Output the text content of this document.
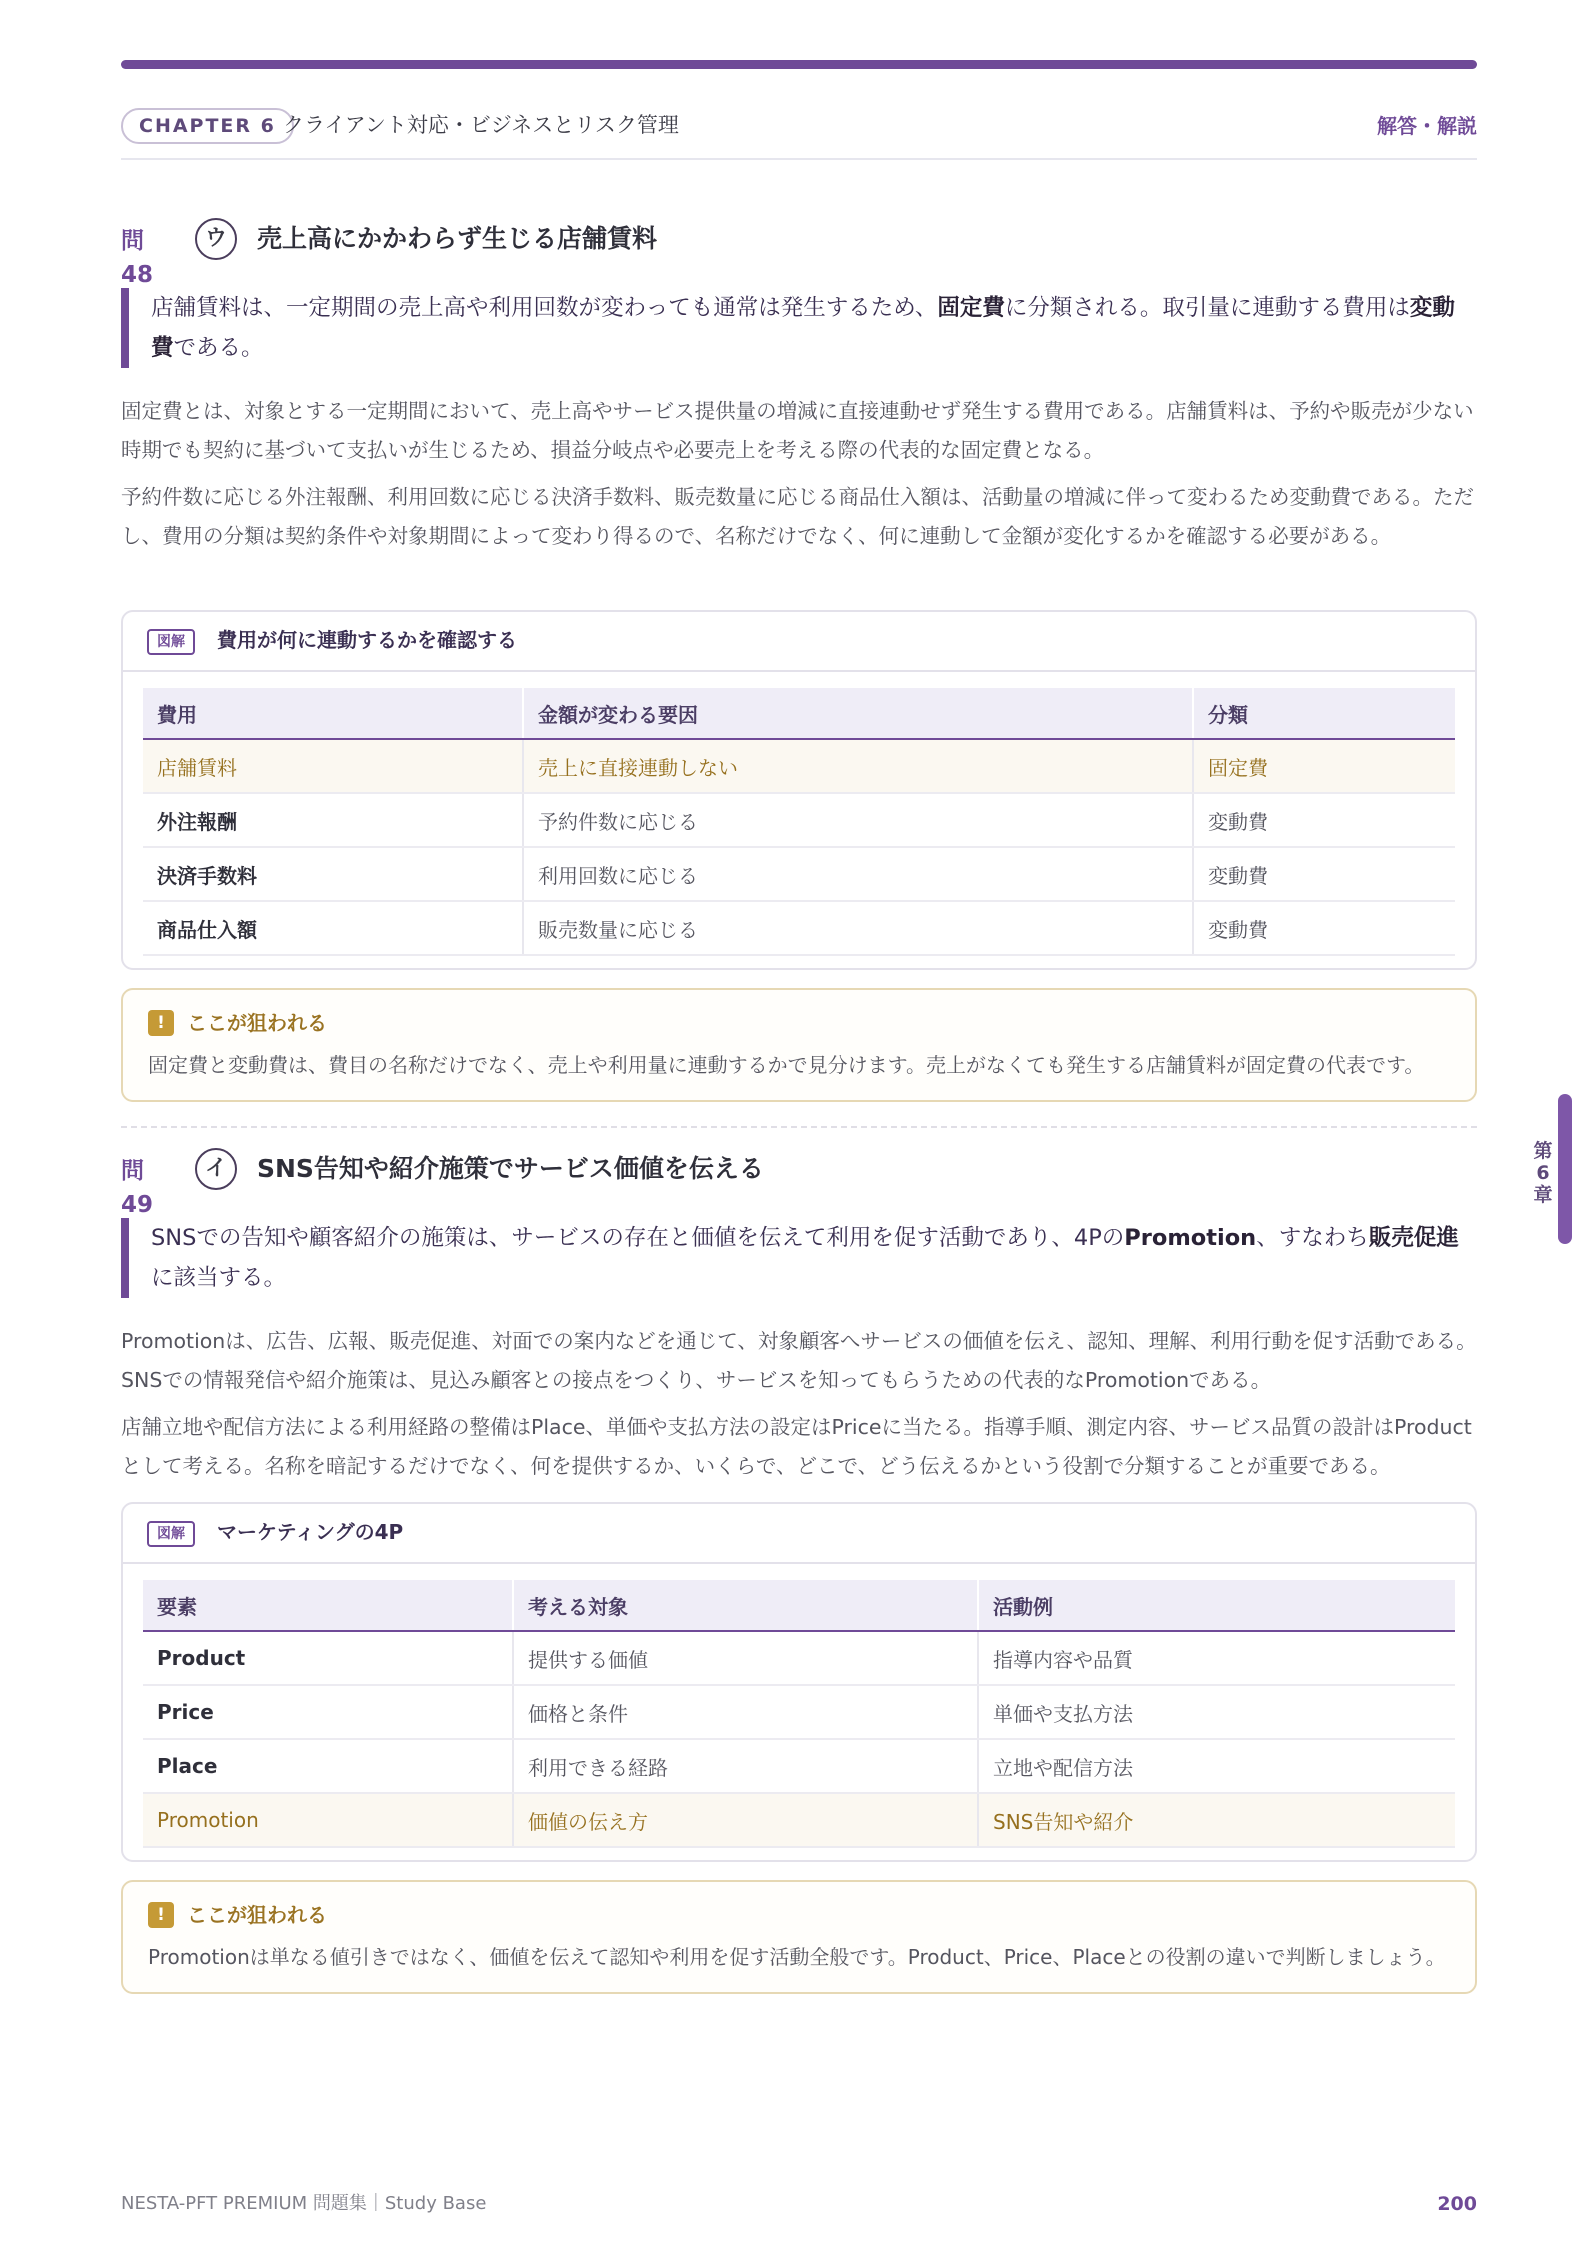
CHAPTER 6 クライアント対応・ビジネスとリスク管理	解答・解説
問48
ウ	売上高にかかわらず生じる店舗賃料
店舗賃料は、一定期間の売上高や利用回数が変わっても通常は発生するため、固定費に分類される。取引量に連動する費用は変動費である。
固定費とは、対象とする一定期間において、売上高やサービス提供量の増減に直接連動せず発生する費用である。店舗賃料は、予約や販売が少ない時期でも契約に基づいて支払いが生じるため、損益分岐点や必要売上を考える際の代表的な固定費となる。
予約件数に応じる外注報酬、利用回数に応じる決済手数料、販売数量に応じる商品仕入額は、活動量の増減に伴って変わるため変動費である。ただし、費用の分類は契約条件や対象期間によって変わり得るので、名称だけでなく、何に連動して金額が変化するかを確認する必要がある。
図解	費用が何に連動するかを確認する
費用	金額が変わる要因	分類
店舗賃料	売上に直接連動しない	固定費
外注報酬	予約件数に応じる	変動費
決済手数料	利用回数に応じる	変動費
商品仕入額	販売数量に応じる	変動費
!	ここが狙われる
固定費と変動費は、費目の名称だけでなく、売上や利用量に連動するかで見分けます。売上がなくても発生する店舗賃料が固定費の代表です。
問49
イ	SNS告知や紹介施策でサービス価値を伝える
SNSでの告知や顧客紹介の施策は、サービスの存在と価値を伝えて利用を促す活動であり、4PのPromotion、すなわち販売促進に該当する。
Promotionは、広告、広報、販売促進、対面での案内などを通じて、対象顧客へサービスの価値を伝え、認知、理解、利用行動を促す活動である。SNSでの情報発信や紹介施策は、見込み顧客との接点をつくり、サービスを知ってもらうための代表的なPromotionである。
店舗立地や配信方法による利用経路の整備はPlace、単価や支払方法の設定はPriceに当たる。指導手順、測定内容、サービス品質の設計はProductとして考える。名称を暗記するだけでなく、何を提供するか、いくらで、どこで、どう伝えるかという役割で分類することが重要である。
図解	マーケティングの4P
要素	考える対象	活動例
Product	提供する価値	指導内容や品質
Price	価格と条件	単価や支払方法
Place	利用できる経路	立地や配信方法
Promotion	価値の伝え方	SNS告知や紹介
!	ここが狙われる
Promotionは単なる値引きではなく、価値を伝えて認知や利用を促す活動全般です。Product、Price、Placeとの役割の違いで判断しましょう。
第6章
NESTA-PFT PREMIUM 問題集｜Study Base	200
